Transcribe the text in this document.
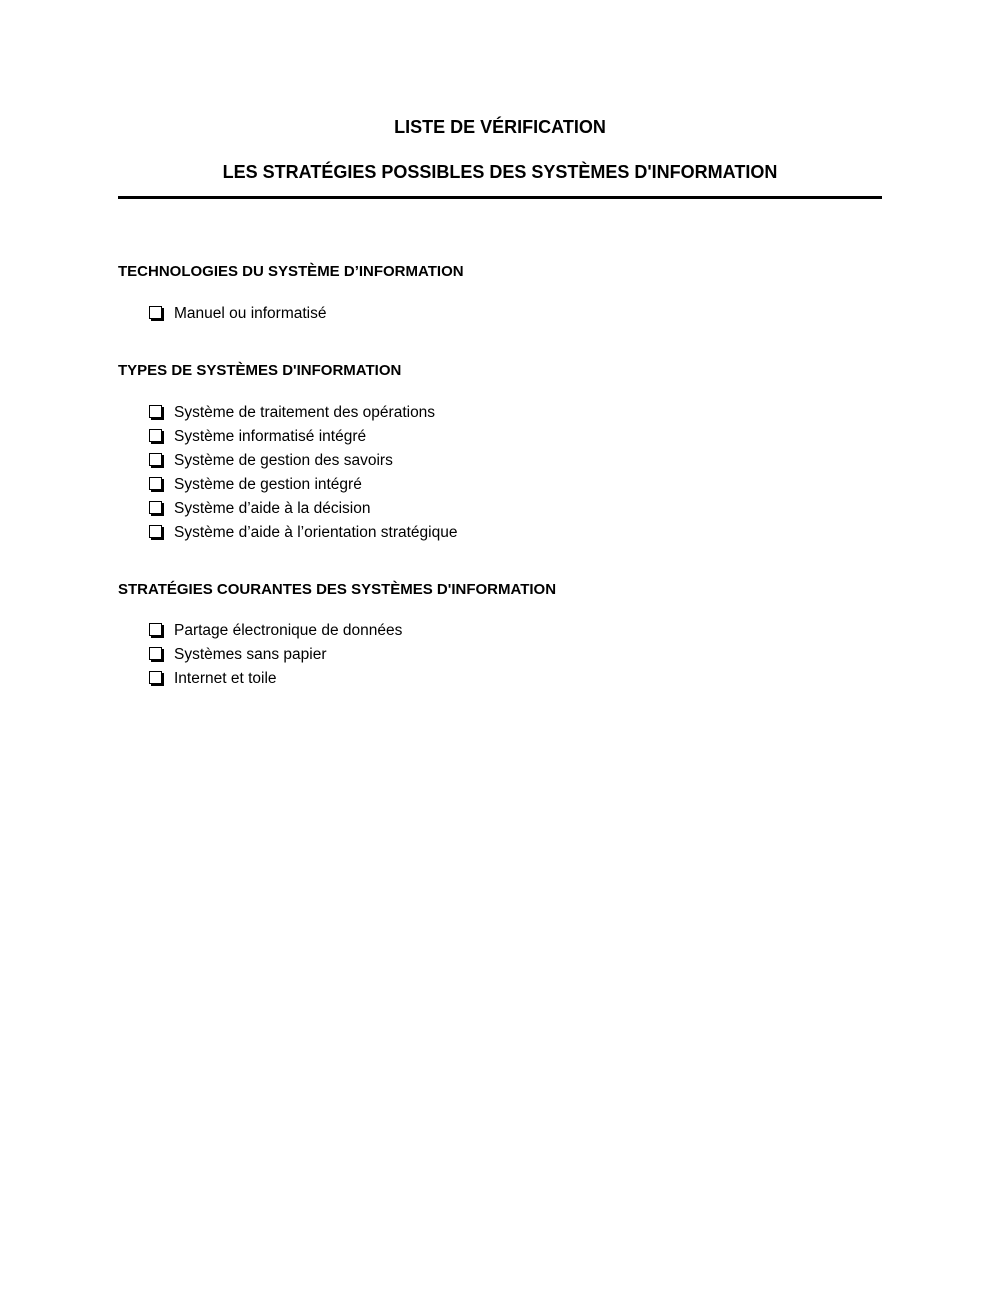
LISTE DE VÉRIFICATION
LES STRATÉGIES POSSIBLES DES SYSTÈMES D'INFORMATION
TECHNOLOGIES DU SYSTÈME D’INFORMATION
Manuel ou informatisé
TYPES DE SYSTÈMES D'INFORMATION
Système de traitement des opérations
Système informatisé intégré
Système de gestion des savoirs
Système de gestion intégré
Système d’aide à la décision
Système d’aide à l’orientation stratégique
STRATÉGIES COURANTES DES SYSTÈMES D'INFORMATION
Partage électronique de données
Systèmes sans papier
Internet et toile
